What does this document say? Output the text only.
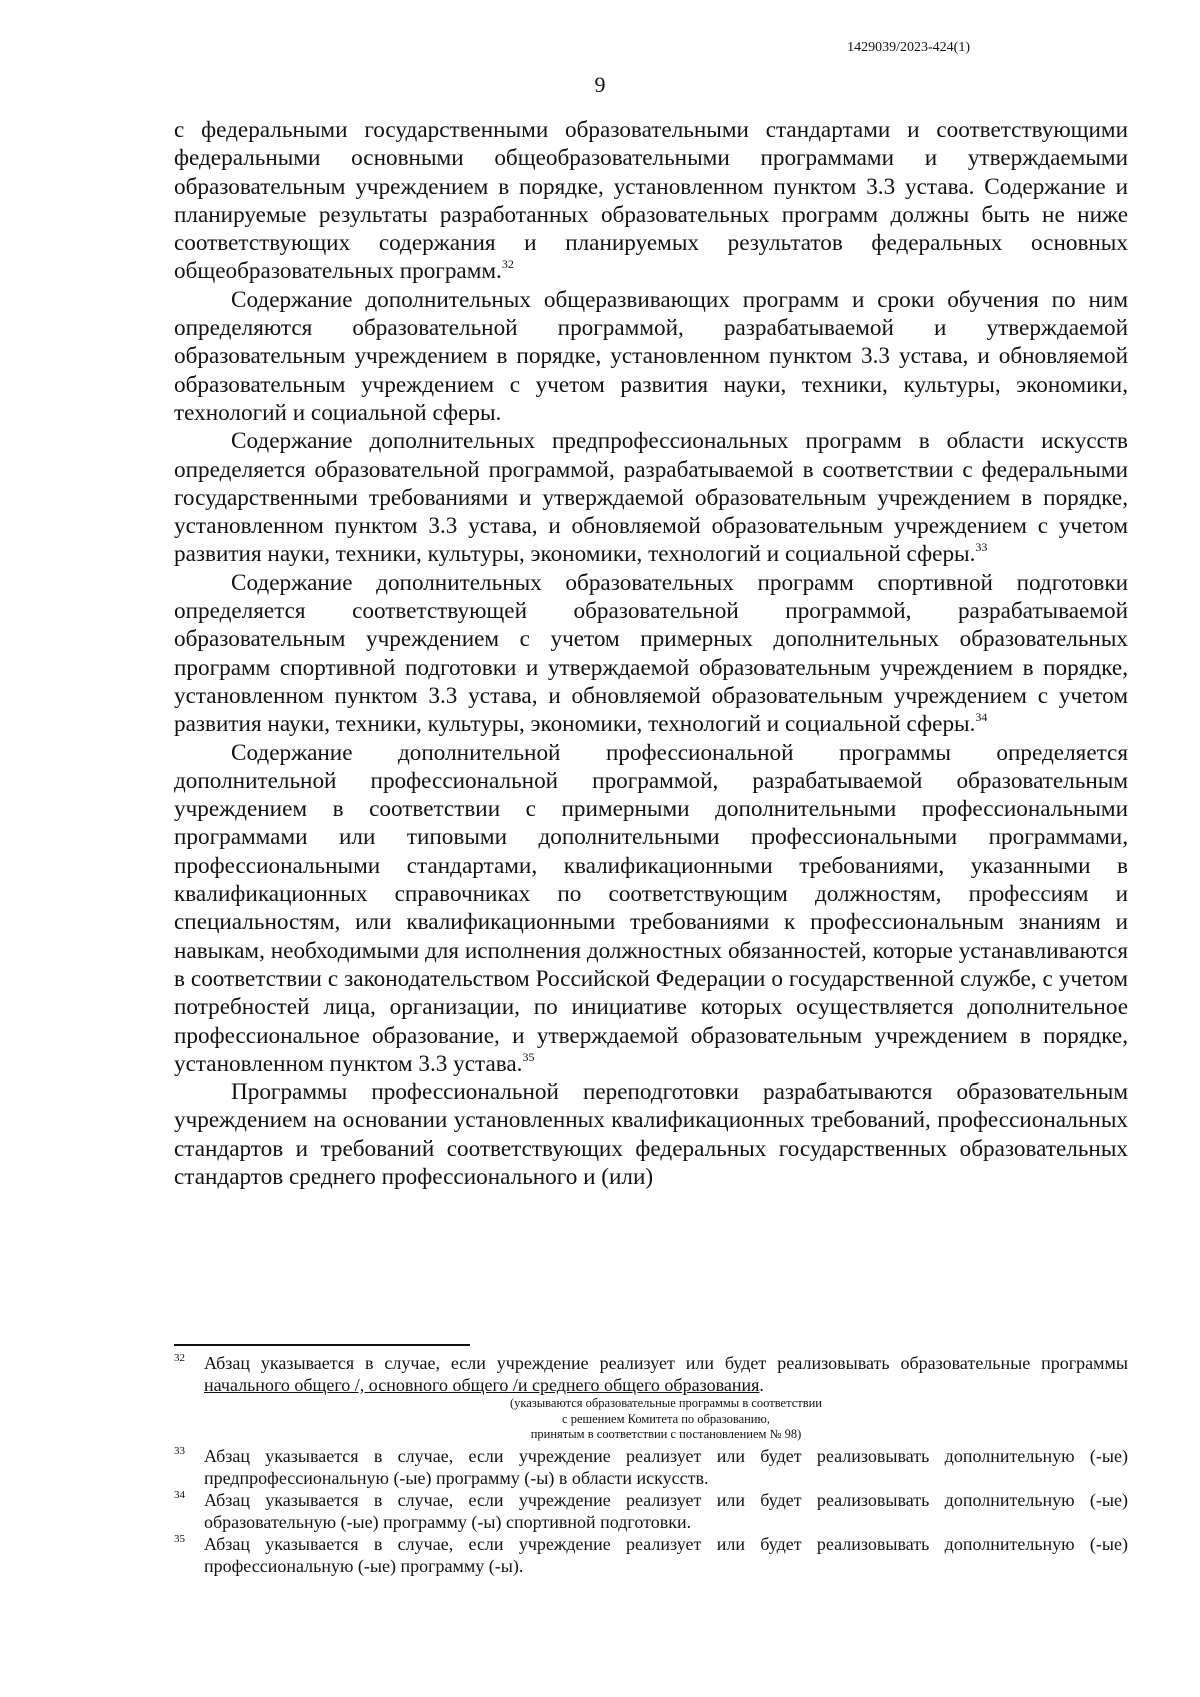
1429039/2023-424(1)
9

с федеральными государственными образовательными стандартами и соответствующими федеральными основными общеобразовательными программами и утверждаемыми образовательным учреждением в порядке, установленном пунктом 3.3 устава. Содержание и планируемые результаты разработанных образовательных программ должны быть не ниже соответствующих содержания и планируемых результатов федеральных основных общеобразовательных программ.$^{32}$

Содержание дополнительных общеразвивающих программ и сроки обучения по ним определяются образовательной программой, разрабатываемой и утверждаемой образовательным учреждением в порядке, установленном пунктом 3.3 устава, и обновляемой образовательным учреждением с учетом развития науки, техники, культуры, экономики, технологий и социальной сферы.

Содержание дополнительных предпрофессиональных программ в области искусств определяется образовательной программой, разрабатываемой в соответствии с федеральными государственными требованиями и утверждаемой образовательным учреждением в порядке, установленном пунктом 3.3 устава, и обновляемой образовательным учреждением с учетом развития науки, техники, культуры, экономики, технологий и социальной сферы.$^{33}$

Содержание дополнительных образовательных программ спортивной подготовки определяется соответствующей образовательной программой, разрабатываемой образовательным учреждением с учетом примерных дополнительных образовательных программ спортивной подготовки и утверждаемой образовательным учреждением в порядке, установленном пунктом 3.3 устава, и обновляемой образовательным учреждением с учетом развития науки, техники, культуры, экономики, технологий и социальной сферы.$^{34}$

Содержание дополнительной профессиональной программы определяется дополнительной профессиональной программой, разрабатываемой образовательным учреждением в соответствии с примерными дополнительными профессиональными программами или типовыми дополнительными профессиональными программами, профессиональными стандартами, квалификационными требованиями, указанными в квалификационных справочниках по соответствующим должностям, профессиям и специальностям, или квалификационными требованиями к профессиональным знаниям и навыкам, необходимыми для исполнения должностных обязанностей, которые устанавливаются в соответствии с законодательством Российской Федерации о государственной службе, с учетом потребностей лица, организации, по инициативе которых осуществляется дополнительное профессиональное образование, и утверждаемой образовательным учреждением в порядке, установленном пунктом 3.3 устава.$^{35}$

Программы профессиональной переподготовки разрабатываются образовательным учреждением на основании установленных квалификационных требований, профессиональных стандартов и требований соответствующих федеральных государственных образовательных стандартов среднего профессионального и (или)

32 Абзац указывается в случае, если учреждение реализует или будет реализовывать образовательные программы начального общего /, основного общего /и среднего общего образования.

(указываются образовательные программы в соответствии
с решением Комитета по образованию,
принятым в соответствии с постановлением № 98)

33 Абзац указывается в случае, если учреждение реализует или будет реализовывать дополнительную (-ые) предпрофессиональную (-ые) программу (-ы) в области искусств.

34 Абзац указывается в случае, если учреждение реализует или будет реализовывать дополнительную (-ые) образовательную (-ые) программу (-ы) спортивной подготовки.

35 Абзац указывается в случае, если учреждение реализует или будет реализовывать дополнительную (-ые) профессиональную (-ые) программу (-ы).
